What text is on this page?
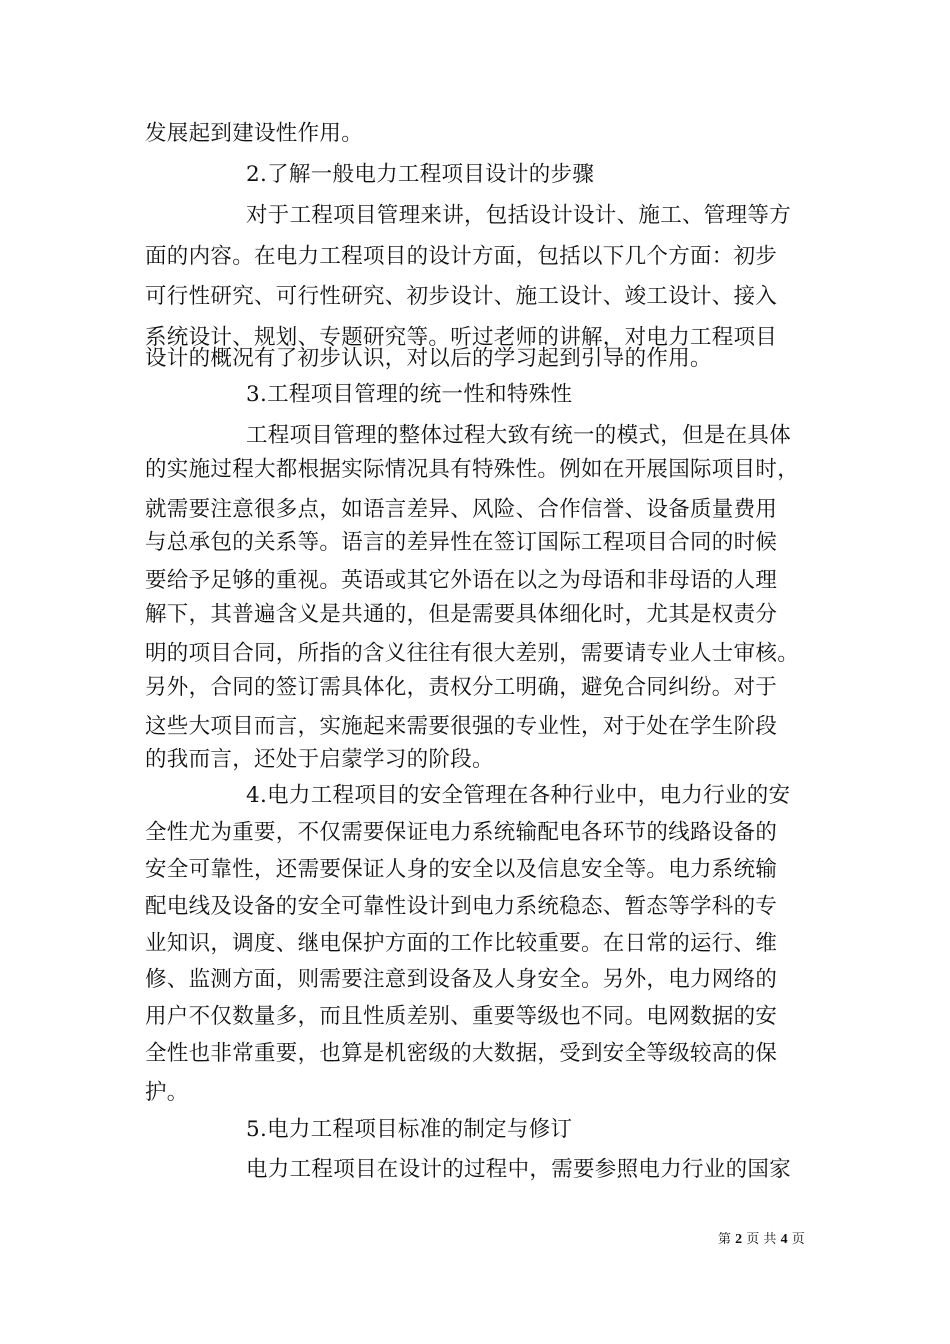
发展起到建设性作用。
2.了解一般电力工程项目设计的步骤
对于工程项目管理来讲，包括设计设计、施工、管理等方
面的内容。在电力工程项目的设计方面，包括以下几个方面：初步
可行性研究、可行性研究、初步设计、施工设计、竣工设计、接入
系统设计、规划、专题研究等。听过老师的讲解，对电力工程项目
设计的概况有了初步认识，对以后的学习起到引导的作用。
3.工程项目管理的统一性和特殊性
工程项目管理的整体过程大致有统一的模式，但是在具体
的实施过程大都根据实际情况具有特殊性。例如在开展国际项目时，
就需要注意很多点，如语言差异、风险、合作信誉、设备质量费用
与总承包的关系等。语言的差异性在签订国际工程项目合同的时候
要给予足够的重视。英语或其它外语在以之为母语和非母语的人理
解下，其普遍含义是共通的，但是需要具体细化时，尤其是权责分
明的项目合同，所指的含义往往有很大差别，需要请专业人士审核。
另外，合同的签订需具体化，责权分工明确，避免合同纠纷。对于
这些大项目而言，实施起来需要很强的专业性，对于处在学生阶段
的我而言，还处于启蒙学习的阶段。
4.电力工程项目的安全管理在各种行业中，电力行业的安
全性尤为重要，不仅需要保证电力系统输配电各环节的线路设备的
安全可靠性，还需要保证人身的安全以及信息安全等。电力系统输
配电线及设备的安全可靠性设计到电力系统稳态、暂态等学科的专
业知识，调度、继电保护方面的工作比较重要。在日常的运行、维
修、监测方面，则需要注意到设备及人身安全。另外，电力网络的
用户不仅数量多，而且性质差别、重要等级也不同。电网数据的安
全性也非常重要，也算是机密级的大数据，受到安全等级较高的保
护。
5.电力工程项目标准的制定与修订
电力工程项目在设计的过程中，需要参照电力行业的国家
第 2 页 共 4 页
